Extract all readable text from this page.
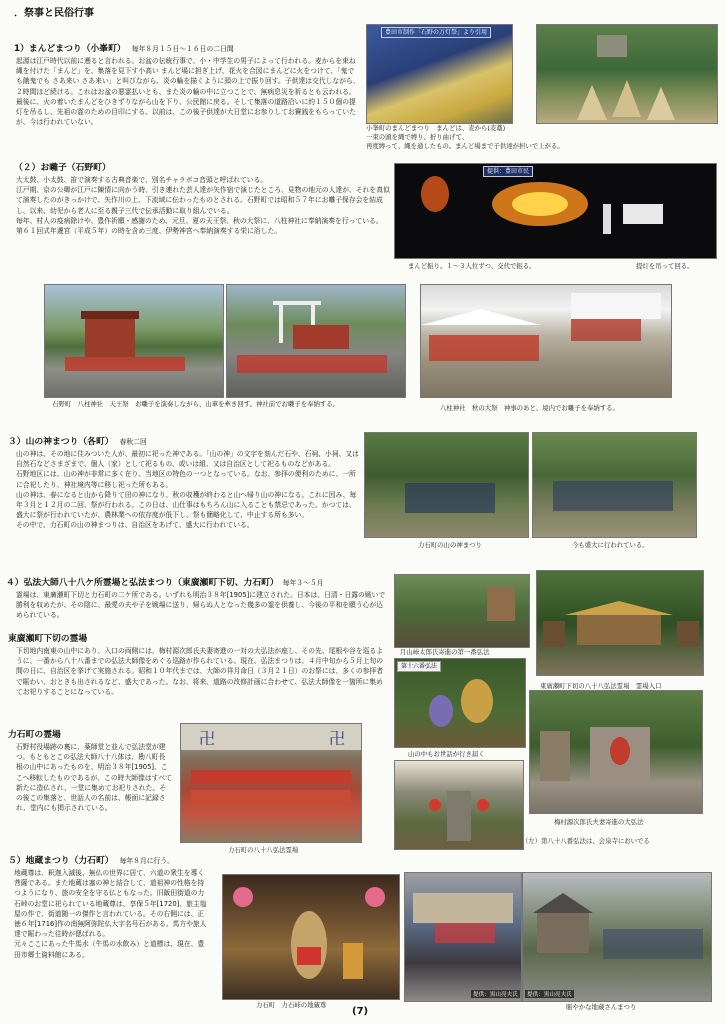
．祭事と民俗行事
1）まんどまつり（小峯町） 毎年８月１５日～１６日の二日間
起源は江戸時代以前に遡ると言われる。お盆の伝統行事で、小・中学生の男子によって行われる。麦からを束ね縄を付けた「まんど」を、集落を見下す小高い まんど場に担ぎ上げ、花火を合図にまんどに火をつけて、「鬼でも餓鬼でも さあ来い さあ来い」と叫びながら、炎の輪を描くように頭の上で振り回す。子供達は交代しながら、２時間ほど続ける。これはお盆の悪霊払いとも、また炎の輪の中に立つことで、無病息災を祈るとも云われる。最後に、火の着いたまんどをひきずりながら山を下り、公民館に戻る。そして集落の道路沿いに約１５０個の提灯を吊るし、先祖の霊のための目印にする。以前は、この後子供達が大日堂にお参りしてお賽銭をもらっていたが、今は行われていない。
豊田市制作「石野の万灯祭」より引用
小峯町のまんどまつり　まんどは、麦から(麦藁)
一束の頭を縄で縛り、折り曲げて、
再度縛って、縄を通したもの。まんど場まで子供達が担いで上がる。
提供：豊田市民
まんど振り。１～３人位ずつ、交代で振る。	提灯を吊って回る。
（２）お囃子（石野町）
大太鼓、小太鼓、笛で演奏する古典音楽で、別名チャラボコ音頭と呼ばれている。
江戸期、京の公卿が江戸に陳情に向かう時、引き連れた芸人達が矢作宿で演じたところ、見物の地元の人達が、それを真似て演奏したのがきっかけで、矢作川の上、下流域に伝わったものとされる。石野町では昭和５７年にお囃子保存会を結成し、以来、幼児から老人に至る親子三代で伝承活動に取り組んでいる。
毎年、村人の疫病除けや、豊作祈願・感謝のため、元旦、夏の天王祭、秋の大祭に、八柱神社に奉納演奏を行っている。
第６１回式年遷宮（平成５年）の時を含め三度、伊勢神宮へ奉納演奏する栄に浴した。
石野町　八柱神社　天王祭　お囃子を演奏しながら、山車を牽き回す。神社前でお囃子を奉納する。	八柱神社　秋の大祭　神事のあと、境内でお囃子を奉納する。
３）山の神まつり（各町） 春秋二回
山の神は、その地に住みついた人が、最初に祀った神である。「山の神」の文字を刻んだ石や、石祠、小祠、又は自然石などさまざまで、個人（家）として祀るもの、或いは組、又は自治区として祀るものなどがある。
石野地区には、山の神が非常に多く在り、当地区の特色の一つとなっている。なお、参拝の便利のために、一所に合祀したり、神社境内等に移し祀った所もある。
山の神は、春になると山から降りて田の神になり、秋の収穫が終わると山へ帰り山の神になる。これに因み、毎年３月と１２月の二回、祭が行われる。この日は、山仕事はもちろん山に入ることも禁忌であった。かつては、盛大に祭が行われていたが、農林業への依存度が低下し、祭も簡略化して、中止する所も多い。
その中で、力石町の山の神まつりは、自治区をあげて、盛大に行われている。
力石町の山の神まつり	今も盛大に行われている。
４）弘法大師八十八ケ所霊場と弘法まつり（東廣瀬町下切、力石町） 毎年３～５月
霊場は、東廣瀬町下切と力石町の二ケ所である。いずれも明治３８年[1905]に建立された。日本は、日清・日露の戦いで勝利を収めたが、その陰に、最愛の夫や子を戦場に送り、帰らぬ人となった幾多の霊を供養し、今後の平和を願う心が込められている。
東廣瀬町下切の霊場
下切地内南東の山中にあり、入口の両側には、梅村源次郎氏夫妻寄進の一対の大弘法が座し、その先、尾根や谷を巡るように、一番から八十八番までの弘法大師像をめぐる巡路が作られている。現在、弘法まつりは、４月中旬から５月上旬の間の日に、自治区を挙げて実施される。昭和１０年代までは、大師の祥月命日（３月２１日）のお祭には、多くの参拝者で賑わい、おときも出されるなど、盛大であった。なお、将来、道路の改修計画に合わせて、弘法大師像を一箇所に集めてお祀りすることになっている。
月山峠太郎氏寄進の第一番弘法
東廣瀬町下切の八十八弘法霊場　霊場入口
第十六番弘法
山の中もお世話が行き届く
梅村源次郎氏夫妻寄進の大弘法
力石町の霊場
石野村役場跡の裏に、薬師堂と並んで弘法堂が建つ。もともとこの弘法大師八十八体は、勘八町長根の山中にあったものを、明治３８年[1905]、ここへ移転したものであるが、この時大師像はすべて新たに造仏され、一堂に集めてお祀りされた。その後この集落と、世話人の名前は、帳面に記録され、堂内にも掲示されている。
卍	卍
力石町の八十八弘法霊場
（左）第八十八番弘法は、会泉寺においでる
５）地蔵まつり（力石町） 毎年８月に行う。
地蔵尊は、釈迦入滅後、無仏の世界に居て、六道の衆生を導く菩薩である。また地蔵は塞の神と結合して、道祖神の性格を持つようになり、旅の安全を守る仏ともなった。旧飯田街道の力石峠のお堂に祀られている地蔵尊は、享保５年[1720]、旅主塩屋の作で、街道随一の傑作と言われている。その右側には、正徳６年[1716]作の南無阿弥陀仏大字名号石がある。馬方や旅人達で賑わった往時が偲ばれる。
元々ここにあった牛馬水（牛馬の水飲み）と道標は、現在、豊田市郷土資料館にある。
力石町　力石峠の地蔵尊
提供：黒山亮夫氏	提供：黒山亮夫氏
賑やかな地蔵さんまつり
(7)
